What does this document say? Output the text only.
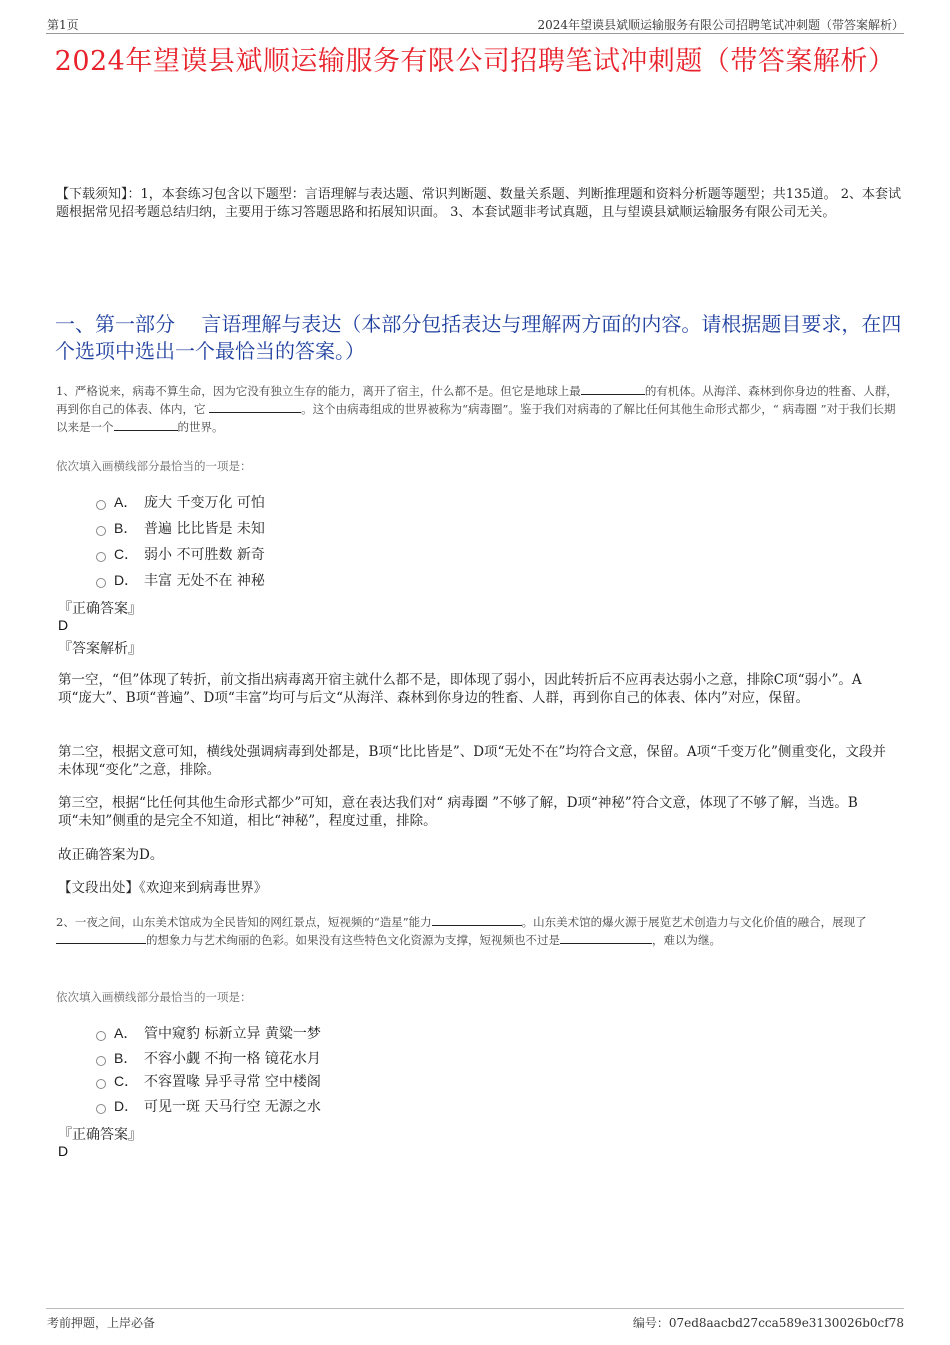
第1页	2024年望谟县斌顺运输服务有限公司招聘笔试冲刺题（带答案解析）
2024年望谟县斌顺运输服务有限公司招聘笔试冲刺题（带答案解析）
【下载须知】：1，本套练习包含以下题型：言语理解与表达题、常识判断题、数量关系题、判断推理题和资料分析题等题型；共135道。 2、本套试题根据常见招考题总结归纳，主要用于练习答题思路和拓展知识面。 3、本套试题非考试真题，且与望谟县斌顺运输服务有限公司无关。
一、第一部分　 言语理解与表达（本部分包括表达与理解两方面的内容。请根据题目要求，在四个选项中选出一个最恰当的答案。）
1、严格说来，病毒不算生命，因为它没有独立生存的能力，离开了宿主，什么都不是。但它是地球上最	的有机体。从海洋、森林到你身边的牲畜、人群，再到你自己的体表、体内，它	。这个由病毒组成的世界被称为“病毒圈”。鉴于我们对病毒的了解比任何其他生命形式都少，“ 病毒圈 ”对于我们长期以来是一个	的世界。
依次填入画横线部分最恰当的一项是：
A． 庞大 千变万化 可怕
B． 普遍 比比皆是 未知
C． 弱小 不可胜数 新奇
D． 丰富 无处不在 神秘
『正确答案』
D
『答案解析』
第一空，“但”体现了转折，前文指出病毒离开宿主就什么都不是，即体现了弱小，因此转折后不应再表达弱小之意，排除C项“弱小”。A项“庞大”、B项“普遍”、D项“丰富”均可与后文“从海洋、森林到你身边的牲畜、人群，再到你自己的体表、体内”对应，保留。
第二空，根据文意可知，横线处强调病毒到处都是，B项“比比皆是”、D项“无处不在”均符合文意，保留。A项“千变万化”侧重变化，文段并未体现“变化”之意，排除。
第三空，根据“比任何其他生命形式都少”可知，意在表达我们对“ 病毒圈 ”不够了解，D项“神秘”符合文意，体现了不够了解，当选。B项“未知”侧重的是完全不知道，相比“神秘”，程度过重，排除。
故正确答案为D。
【文段出处】《欢迎来到病毒世界》
2、一夜之间，山东美术馆成为全民皆知的网红景点，短视频的“造星”能力	。山东美术馆的爆火源于展览艺术创造力与文化价值的融合，展现了的想象力与艺术绚丽的色彩。如果没有这些特色文化资源为支撑，短视频也不过是	，难以为继。
依次填入画横线部分最恰当的一项是：
A． 管中窥豹 标新立异 黄粱一梦
B． 不容小觑 不拘一格 镜花水月
C． 不容置喙 异乎寻常 空中楼阁
D． 可见一斑 天马行空 无源之水
『正确答案』
D
考前押题，上岸必备	编号：07ed8aacbd27cca589e3130026b0cf78
